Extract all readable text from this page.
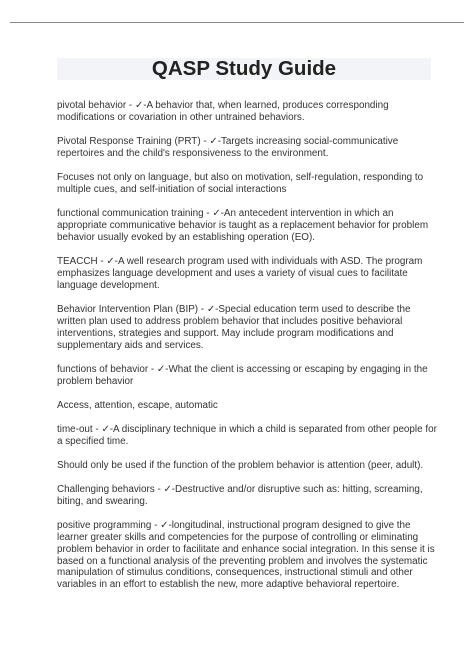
QASP Study Guide

pivotal behavior - ✓-A behavior that, when learned, produces corresponding modifications or covariation in other untrained behaviors.

Pivotal Response Training (PRT) - ✓-Targets increasing social-communicative repertoires and the child's responsiveness to the environment.

Focuses not only on language, but also on motivation, self-regulation, responding to multiple cues, and self-initiation of social interactions

functional communication training - ✓-An antecedent intervention in which an appropriate communicative behavior is taught as a replacement behavior for problem behavior usually evoked by an establishing operation (EO).

TEACCH - ✓-A well research program used with individuals with ASD. The program emphasizes language development and uses a variety of visual cues to facilitate language development.

Behavior Intervention Plan (BIP) - ✓-Special education term used to describe the written plan used to address problem behavior that includes positive behavioral interventions, strategies and support. May include program modifications and supplementary aids and services.

functions of behavior - ✓-What the client is accessing or escaping by engaging in the problem behavior

Access, attention, escape, automatic

time-out - ✓-A disciplinary technique in which a child is separated from other people for a specified time.

Should only be used if the function of the problem behavior is attention (peer, adult).

Challenging behaviors - ✓-Destructive and/or disruptive such as: hitting, screaming, biting, and swearing.

positive programming - ✓-longitudinal, instructional program designed to give the learner greater skills and competencies for the purpose of controlling or eliminating problem behavior in order to facilitate and enhance social integration. In this sense it is based on a functional analysis of the preventing problem and involves the systematic manipulation of stimulus conditions, consequences, instructional stimuli and other variables in an effort to establish the new, more adaptive behavioral repertoire.
